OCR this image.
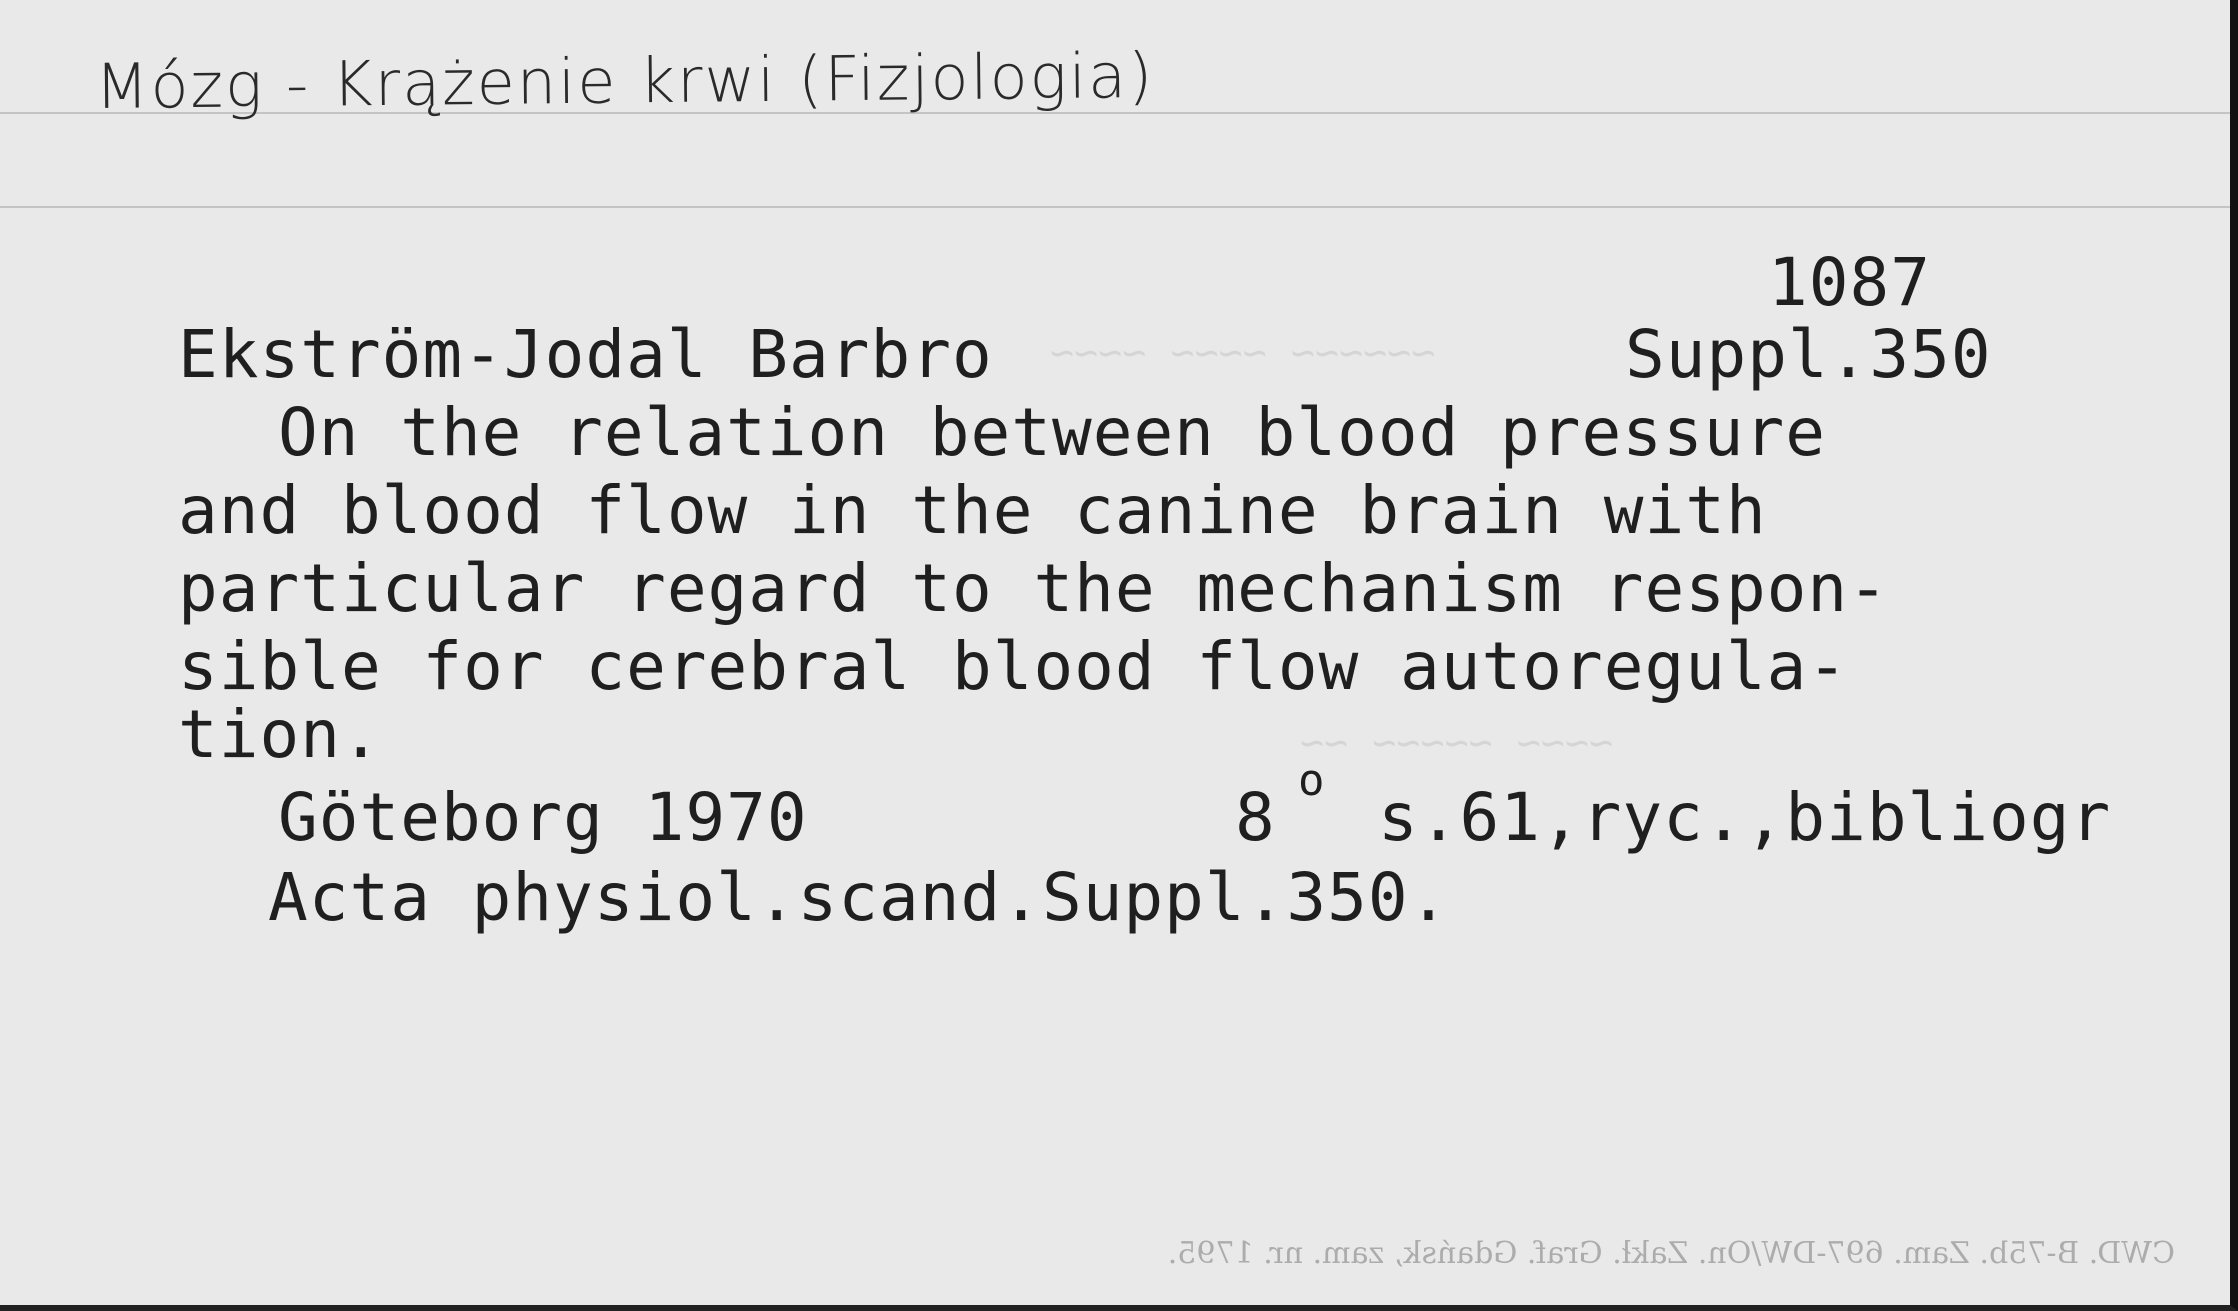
~~~~~~ ~~~~ ~~~~
~~~~ ~~~~~ ~~
Mózg - Krążenie krwi (Fizjologia)
1087
Ekström-Jodal Barbro	Suppl.350
On the relation between blood pressure
and blood flow in the canine brain with
particular regard to the mechanism respon-
sible for cerebral blood flow autoregula-
tion.
Göteborg 1970	8 o s.61,ryc.,bibliogr
Acta physiol.scand.Suppl.350.
CWD. B-75b. Zam. 697-DW/On. Zakł. Graf. Gdańsk, zam. nr. 1795.
